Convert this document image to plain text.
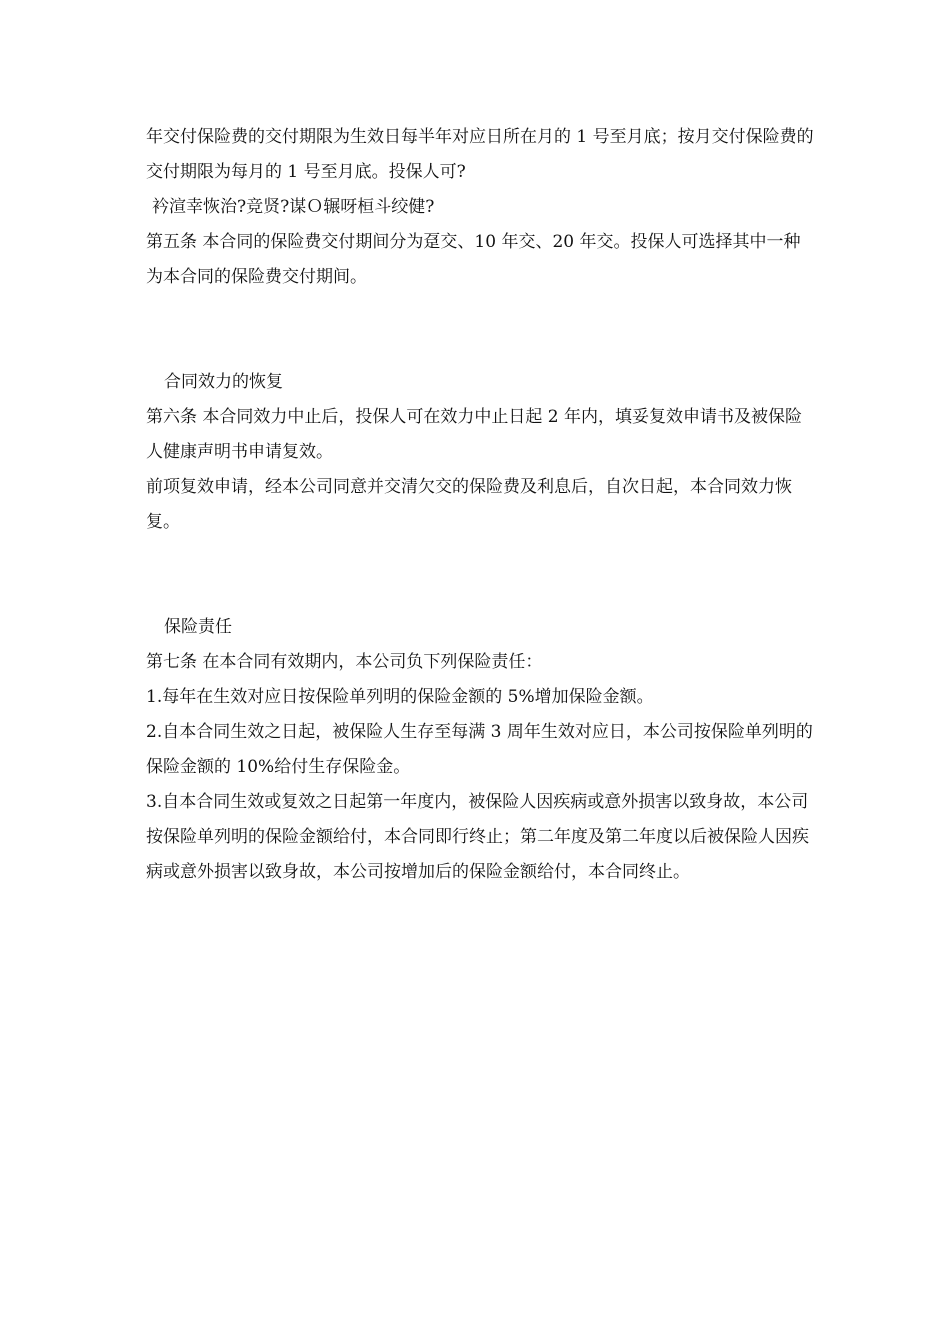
年交付保险费的交付期限为生效日每半年对应日所在月的 1 号至月底；按月交付保险费的交付期限为每月的 1 号至月底。投保人可?

衿渲幸恢治?竞贤?谋Ｏ辗呀桓斗绞健?

第五条 本合同的保险费交付期间分为趸交、10 年交、20 年交。投保人可选择其中一种为本合同的保险费交付期间。

合同效力的恢复

第六条 本合同效力中止后，投保人可在效力中止日起 2 年内，填妥复效申请书及被保险人健康声明书申请复效。

前项复效申请，经本公司同意并交清欠交的保险费及利息后，自次日起，本合同效力恢复。

保险责任

第七条 在本合同有效期内，本公司负下列保险责任：

1.每年在生效对应日按保险单列明的保险金额的 5%增加保险金额。

2.自本合同生效之日起，被保险人生存至每满 3 周年生效对应日，本公司按保险单列明的保险金额的 10%给付生存保险金。

3.自本合同生效或复效之日起第一年度内，被保险人因疾病或意外损害以致身故，本公司按保险单列明的保险金额给付，本合同即行终止；第二年度及第二年度以后被保险人因疾病或意外损害以致身故，本公司按增加后的保险金额给付，本合同终止。
